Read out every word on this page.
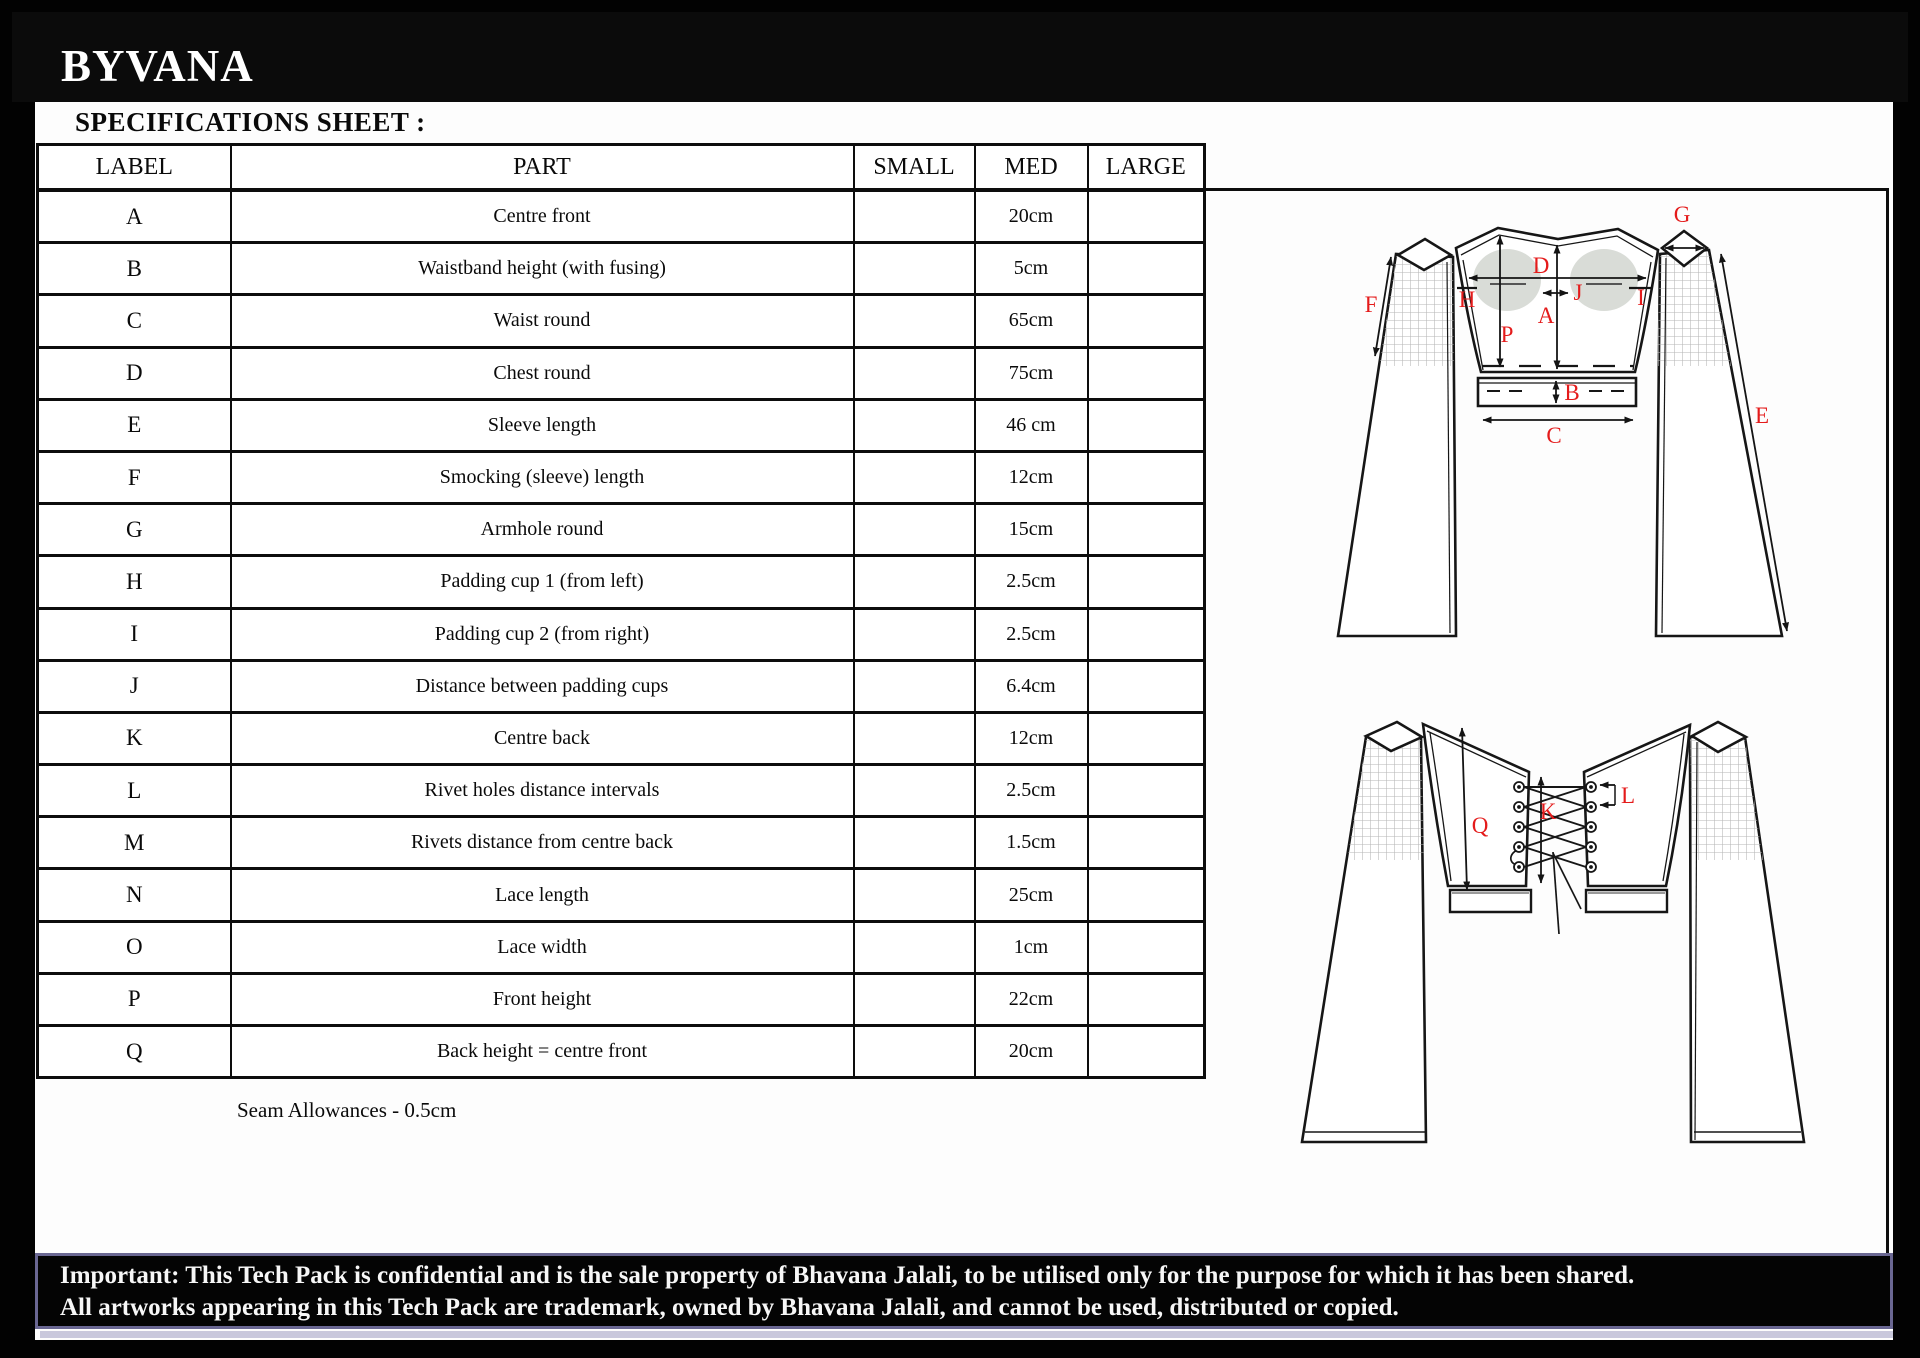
BYVANA
SPECIFICATIONS SHEET :
LABEL	PART	SMALL	MED	LARGE
A	Centre front		20cm	
B	Waistband height (with fusing)		5cm	
C	Waist round		65cm	
D	Chest round		75cm	
E	Sleeve length		46 cm	
F	Smocking (sleeve) length		12cm	
G	Armhole round		15cm	
H	Padding cup 1 (from left)		2.5cm	
I	Padding cup 2 (from right)		2.5cm	
J	Distance between padding cups		6.4cm	
K	Centre back		12cm	
L	Rivet holes distance intervals		2.5cm	
M	Rivets distance from centre back		1.5cm	
N	Lace length		25cm	
O	Lace width		1cm	
P	Front height		22cm	
Q	Back height = centre front		20cm	
Seam Allowances - 0.5cm
D
J
H	I
A
P
B
C
G
F
E
Q
K
L
Important: This Tech Pack is confidential and is the sale property of Bhavana Jalali, to be utilised only for the purpose for which it has been shared.
All artworks appearing in this Tech Pack are trademark, owned by Bhavana Jalali, and cannot be used, distributed or copied.
